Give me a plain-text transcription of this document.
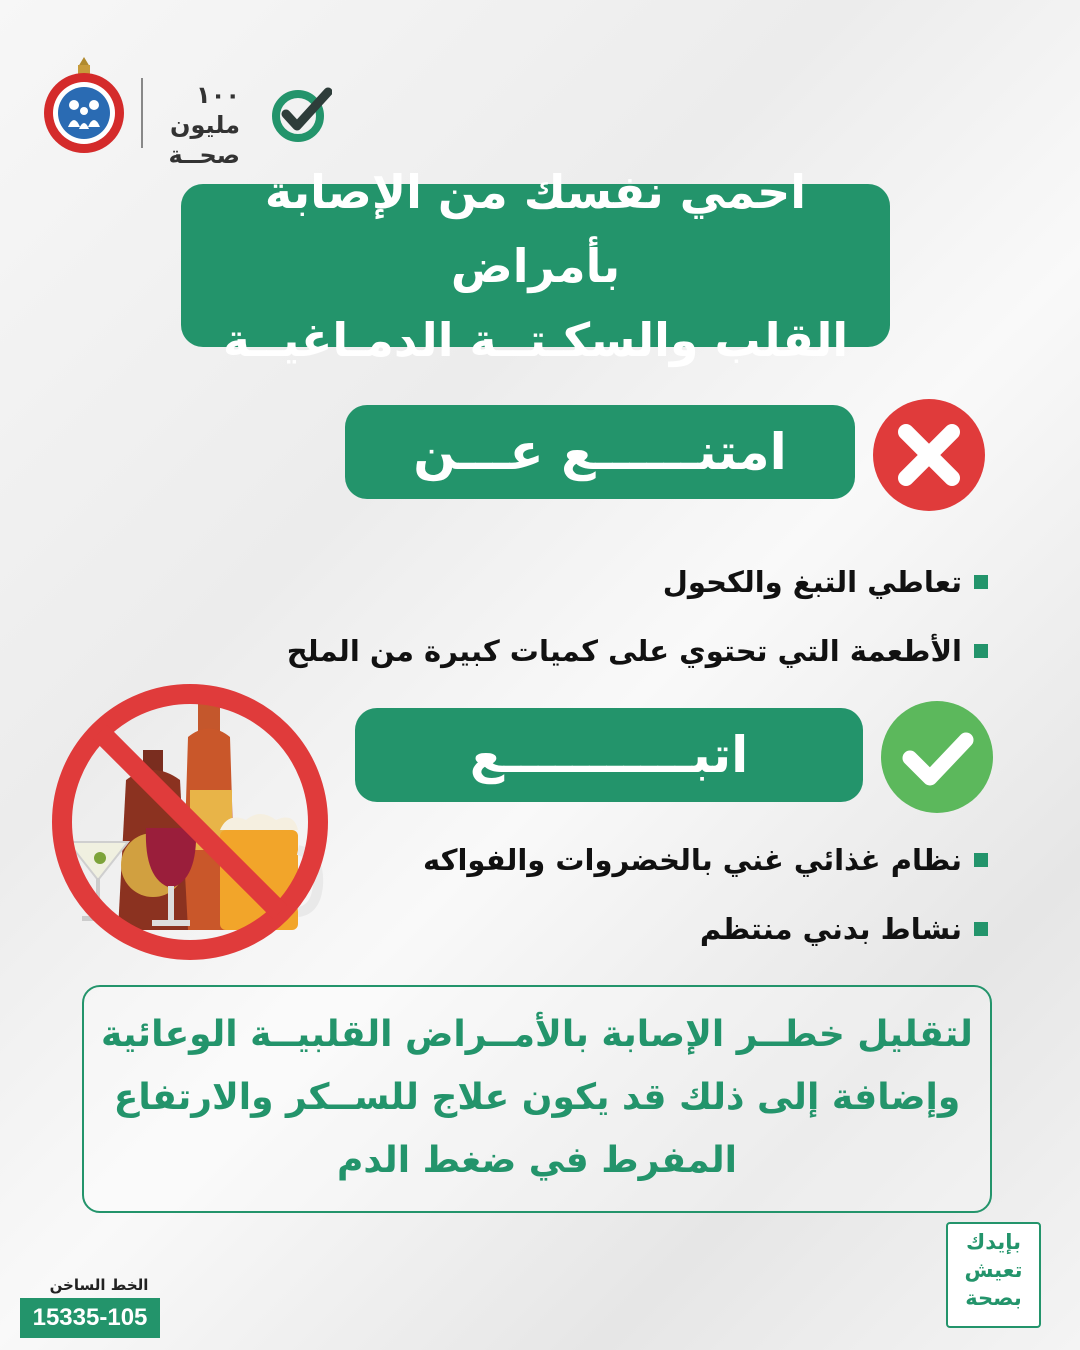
١٠٠ مليون
صحــة
احمي نفسك من الإصابة بأمراض
القلب والسكـتــة الدمـاغيــة
امتنــــــع عـــن
تعاطي التبغ والكحول
الأطعمة التي تحتوي على كميات كبيرة من الملح
اتبـــــــــــع
نظام غذائي غني بالخضروات والفواكه
نشاط بدني منتظم
لتقليل خطــر الإصابة بالأمــراض القلبيــة الوعائية
وإضافة إلى ذلك قد يكون علاج للســكر والارتفاع
المفرط في ضغط الدم
الخط الساخن
15335-105
بإيدك
تعيش
بصحة
